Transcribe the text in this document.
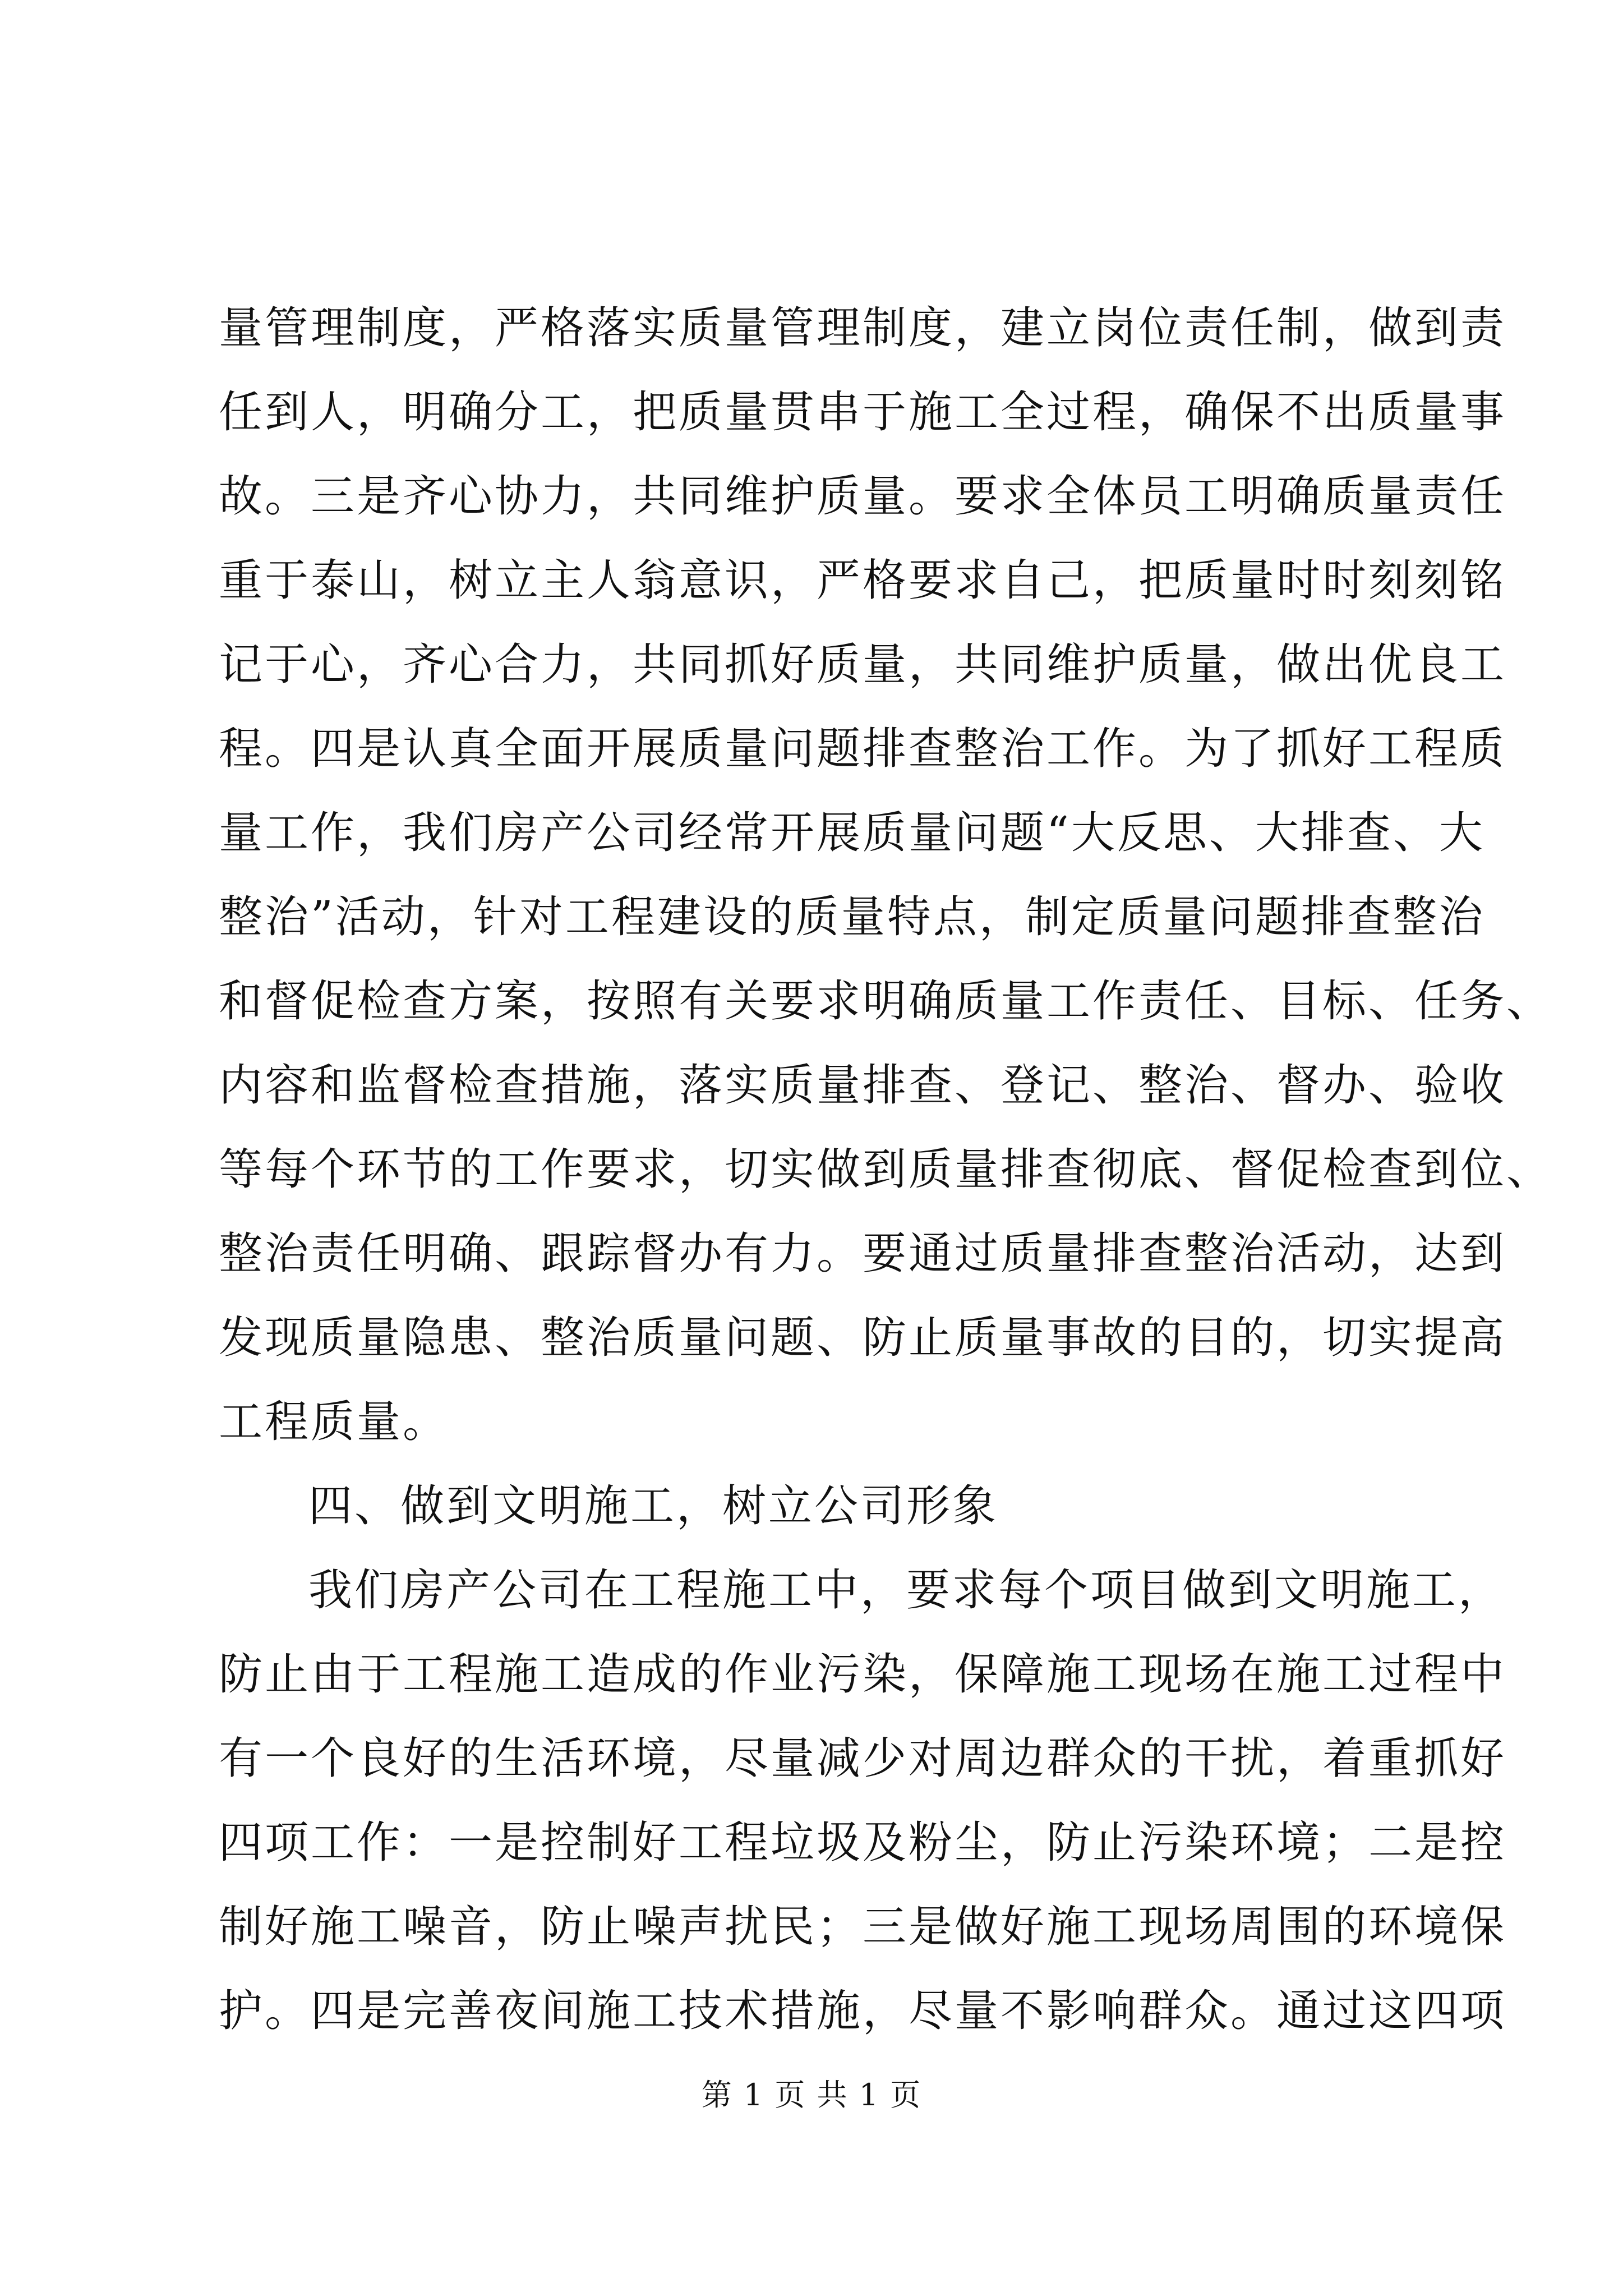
量管理制度，严格落实质量管理制度，建立岗位责任制，做到责
任到人，明确分工，把质量贯串于施工全过程，确保不出质量事
故。三是齐心协力，共同维护质量。要求全体员工明确质量责任
重于泰山，树立主人翁意识，严格要求自己，把质量时时刻刻铭
记于心，齐心合力，共同抓好质量，共同维护质量，做出优良工
程。四是认真全面开展质量问题排查整治工作。为了抓好工程质
量工作，我们房产公司经常开展质量问题“大反思、大排查、大
整治”活动，针对工程建设的质量特点，制定质量问题排查整治
和督促检查方案，按照有关要求明确质量工作责任、目标、任务、
内容和监督检查措施，落实质量排查、登记、整治、督办、验收
等每个环节的工作要求，切实做到质量排查彻底、督促检查到位、
整治责任明确、跟踪督办有力。要通过质量排查整治活动，达到
发现质量隐患、整治质量问题、防止质量事故的目的，切实提高
工程质量。
四、做到文明施工，树立公司形象
我们房产公司在工程施工中，要求每个项目做到文明施工，
防止由于工程施工造成的作业污染，保障施工现场在施工过程中
有一个良好的生活环境，尽量减少对周边群众的干扰，着重抓好
四项工作：一是控制好工程垃圾及粉尘，防止污染环境；二是控
制好施工噪音，防止噪声扰民；三是做好施工现场周围的环境保
护。四是完善夜间施工技术措施，尽量不影响群众。通过这四项
第 1 页 共 1 页
